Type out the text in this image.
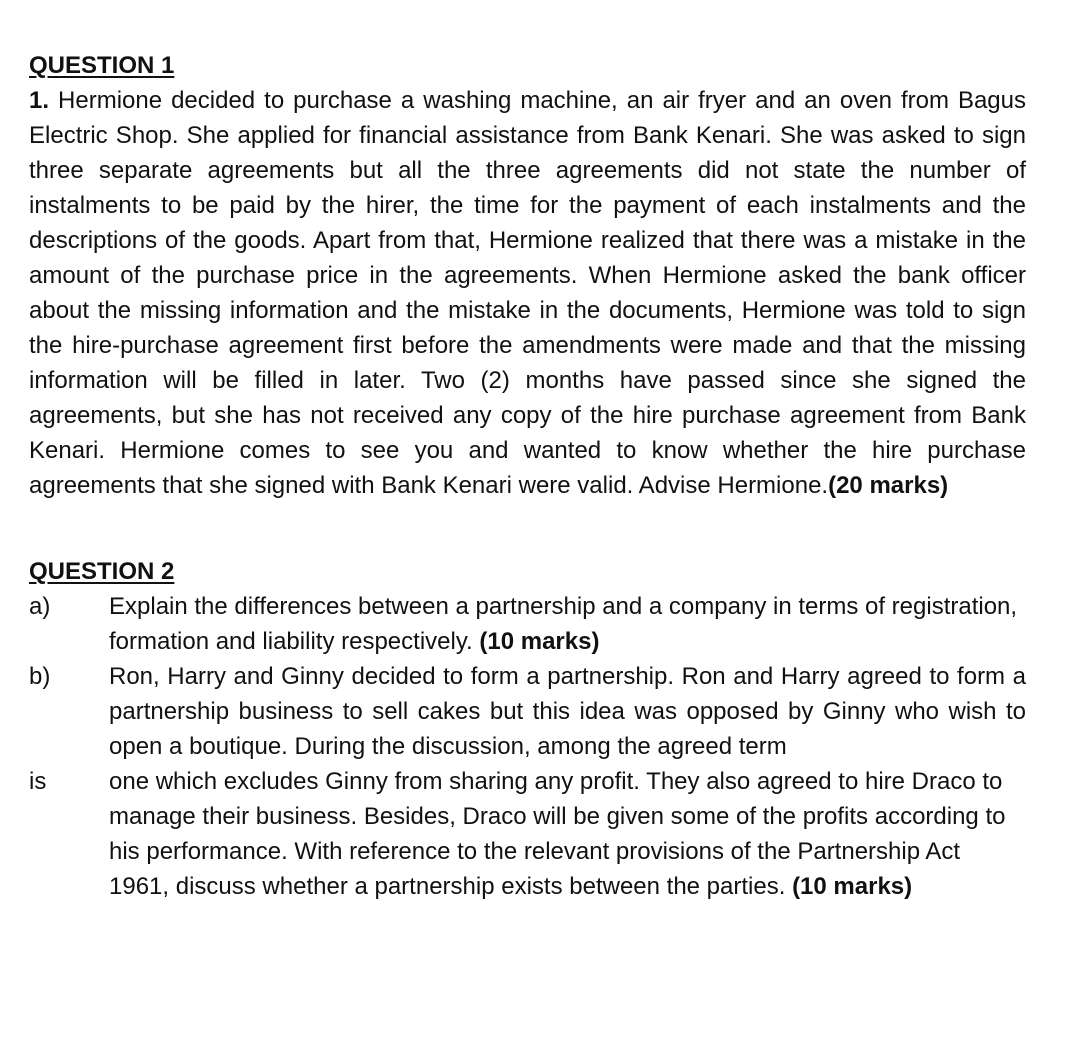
QUESTION 1

1. Hermione decided to purchase a washing machine, an air fryer and an oven from Bagus Electric Shop. She applied for financial assistance from Bank Kenari. She was asked to sign three separate agreements but all the three agreements did not state the number of instalments to be paid by the hirer, the time for the payment of each instalments and the descriptions of the goods. Apart from that, Hermione realized that there was a mistake in the amount of the purchase price in the agreements. When Hermione asked the bank officer about the missing information and the mistake in the documents, Hermione was told to sign the hire-purchase agreement first before the amendments were made and that the missing information will be filled in later. Two (2) months have passed since she signed the agreements, but she has not received any copy of the hire purchase agreement from Bank Kenari. Hermione comes to see you and wanted to know whether the hire purchase agreements that she signed with Bank Kenari were valid. Advise Hermione.(20 marks)

QUESTION 2

a)	Explain the differences between a partnership and a company in terms of registration, formation and liability respectively. (10 marks)
b)
is
Ron, Harry and Ginny decided to form a partnership. Ron and Harry agreed to form a partnership business to sell cakes but this idea was opposed by Ginny who wish to open a boutique. During the discussion, among the agreed term
one which excludes Ginny from sharing any profit. They also agreed to hire Draco to manage their business. Besides, Draco will be given some of the profits according to his performance. With reference to the relevant provisions of the Partnership Act 1961, discuss whether a partnership exists between the parties. (10 marks)
